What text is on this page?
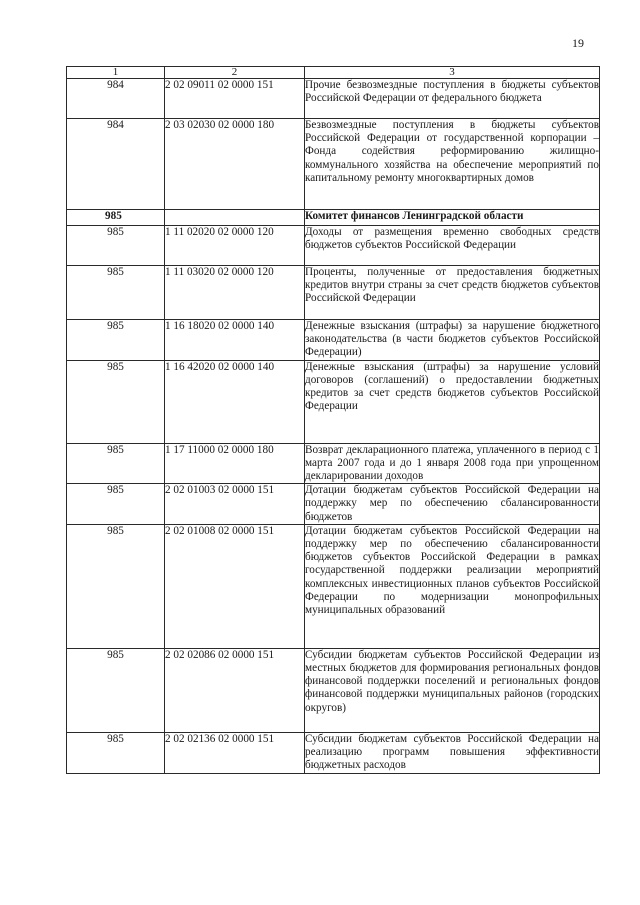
19
1	2	3
984	2 02 09011 02 0000 151	Прочие безвозмездные поступления в бюджеты субъектов Российской Федерации от федерального бюджета
984	2 03 02030 02 0000 180	Безвозмездные поступления в бюджеты субъектов Российской Федерации от государственной корпорации – Фонда содействия реформированию жилищно-коммунального хозяйства на обеспечение мероприятий по капитальному ремонту многоквартирных домов
985		Комитет финансов Ленинградской области
985	1 11 02020 02 0000 120	Доходы от размещения временно свободных средств бюджетов субъектов Российской Федерации
985	1 11 03020 02 0000 120	Проценты, полученные от предоставления бюджетных кредитов внутри страны за счет средств бюджетов субъектов Российской Федерации
985	1 16 18020 02 0000 140	Денежные взыскания (штрафы) за нарушение бюджетного законодательства (в части бюджетов субъектов Российской Федерации)
985	1 16 42020 02 0000 140	Денежные взыскания (штрафы) за нарушение условий договоров (соглашений) о предоставлении бюджетных кредитов за счет средств бюджетов субъектов Российской Федерации
985	1 17 11000 02 0000 180	Возврат декларационного платежа, уплаченного в период с 1 марта 2007 года и до 1 января 2008 года при упрощенном декларировании доходов
985	2 02 01003 02 0000 151	Дотации бюджетам субъектов Российской Федерации на поддержку мер по обеспечению сбалансированности бюджетов
985	2 02 01008 02 0000 151	Дотации бюджетам субъектов Российской Федерации на поддержку мер по обеспечению сбалансированности бюджетов субъектов Российской Федерации в рамках государственной поддержки реализации мероприятий комплексных инвестиционных планов субъектов Российской Федерации по модернизации монопрофильных муниципальных образований
985	2 02 02086 02 0000 151	Субсидии бюджетам субъектов Российской Федерации из местных бюджетов для формирования региональных фондов финансовой поддержки поселений и региональных фондов финансовой поддержки муниципальных районов (городских округов)
985	2 02 02136 02 0000 151	Субсидии бюджетам субъектов Российской Федерации на реализацию программ повышения эффективности бюджетных расходов
